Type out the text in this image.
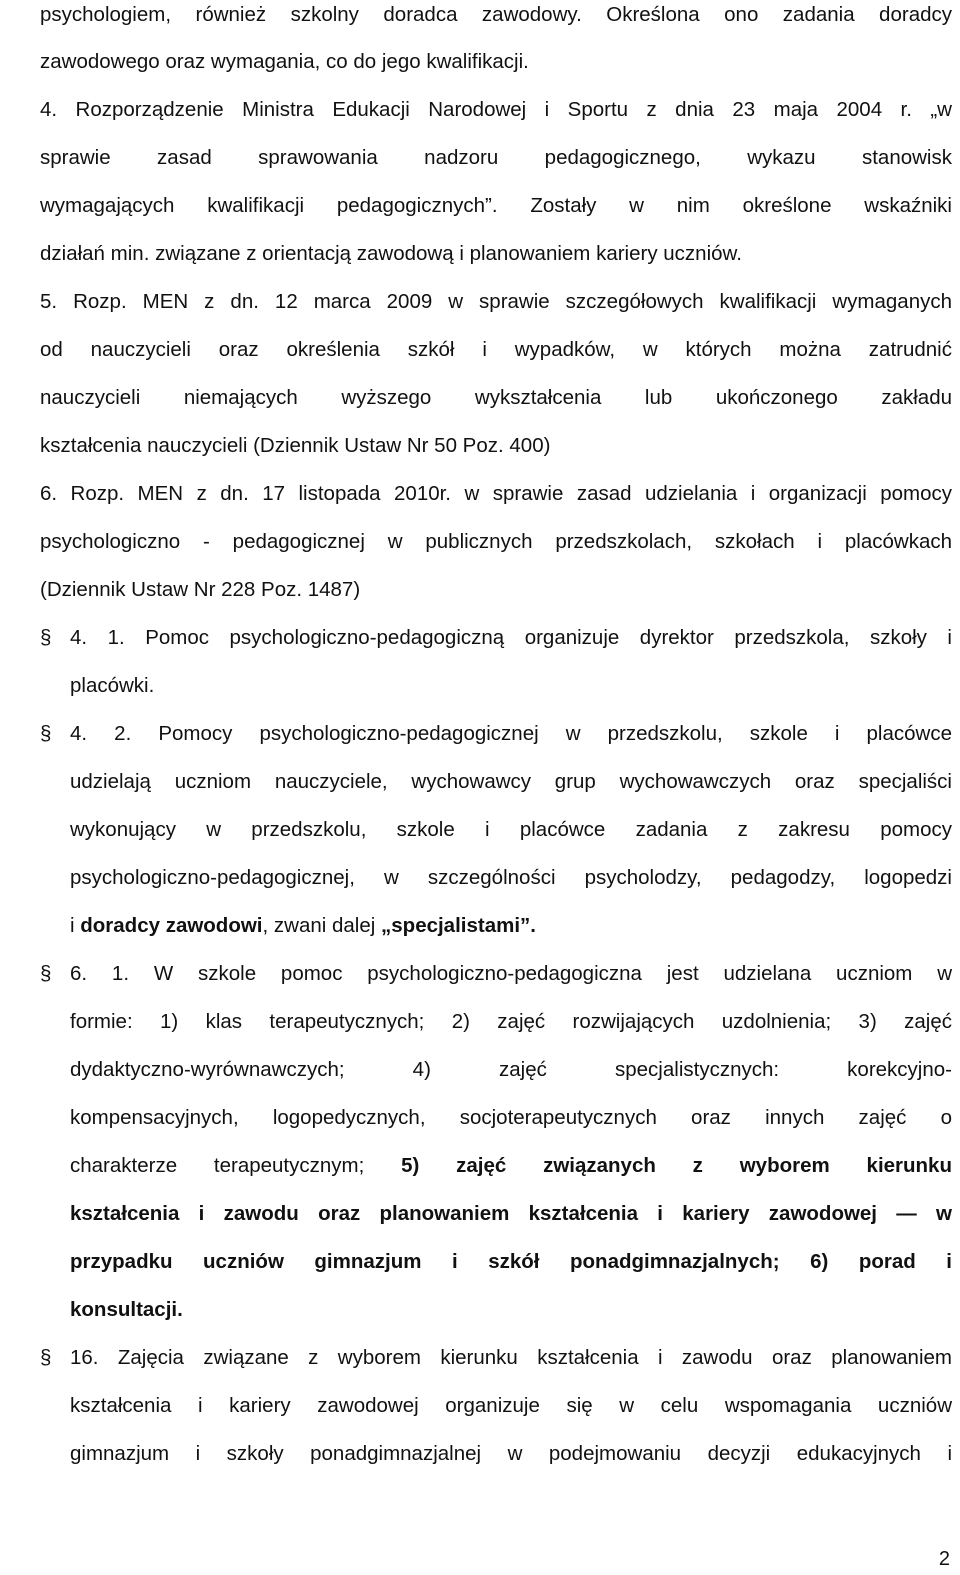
psychologiem, również szkolny doradca zawodowy. Określona ono zadania doradcy
zawodowego oraz wymagania, co do jego kwalifikacji.
4. Rozporządzenie Ministra Edukacji Narodowej i Sportu z dnia 23 maja 2004 r. „w
sprawie zasad sprawowania nadzoru pedagogicznego, wykazu stanowisk
wymagających kwalifikacji pedagogicznych”. Zostały w nim określone wskaźniki
działań min. związane z orientacją zawodową i planowaniem kariery uczniów.
5. Rozp. MEN z dn. 12 marca 2009 w sprawie szczegółowych kwalifikacji wymaganych
od nauczycieli oraz określenia szkół i wypadków, w których można zatrudnić
nauczycieli niemających wyższego wykształcenia lub ukończonego zakładu
kształcenia nauczycieli (Dziennik Ustaw Nr 50 Poz. 400)
6. Rozp. MEN z dn. 17 listopada 2010r. w sprawie zasad udzielania i organizacji pomocy
psychologiczno - pedagogicznej w publicznych przedszkolach, szkołach i placówkach
(Dziennik Ustaw Nr 228 Poz. 1487)
§ 4. 1. Pomoc psychologiczno-pedagogiczną organizuje dyrektor przedszkola, szkoły i
placówki.
§ 4. 2. Pomocy psychologiczno-pedagogicznej w przedszkolu, szkole i placówce
udzielają uczniom nauczyciele, wychowawcy grup wychowawczych oraz specjaliści
wykonujący w przedszkolu, szkole i placówce zadania z zakresu pomocy
psychologiczno-pedagogicznej, w szczególności psycholodzy, pedagodzy, logopedzi
i doradcy zawodowi, zwani dalej „specjalistami”.
§ 6. 1. W szkole pomoc psychologiczno-pedagogiczna jest udzielana uczniom w
formie: 1) klas terapeutycznych; 2) zajęć rozwijających uzdolnienia; 3) zajęć
dydaktyczno-wyrównawczych; 4) zajęć specjalistycznych: korekcyjno-
kompensacyjnych, logopedycznych, socjoterapeutycznych oraz innych zajęć o
charakterze terapeutycznym; 5) zajęć związanych z wyborem kierunku
kształcenia i zawodu oraz planowaniem kształcenia i kariery zawodowej — w
przypadku uczniów gimnazjum i szkół ponadgimnazjalnych; 6) porad i
konsultacji.
§ 16. Zajęcia związane z wyborem kierunku kształcenia i zawodu oraz planowaniem
kształcenia i kariery zawodowej organizuje się w celu wspomagania uczniów
gimnazjum i szkoły ponadgimnazjalnej w podejmowaniu decyzji edukacyjnych i
2
